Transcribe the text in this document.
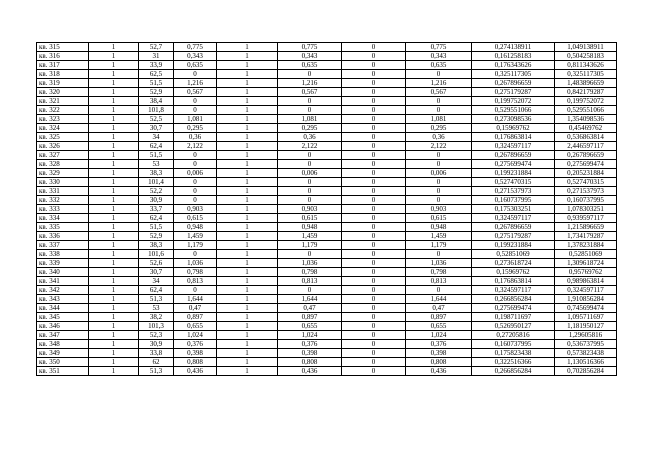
кв. 315	1	52,7	0,775	1	0,775	0	0,775	0,274138911	1,049138911
кв. 316	1	31	0,343	1	0,343	0	0,343	0,161258183	0,504258183
кв. 317	1	33,9	0,635	1	0,635	0	0,635	0,176343626	0,811343626
кв. 318	1	62,5	0	1	0	0	0	0,325117305	0,325117305
кв. 319	1	51,5	1,216	1	1,216	0	1,216	0,267896659	1,483896659
кв. 320	1	52,9	0,567	1	0,567	0	0,567	0,275179287	0,842179287
кв. 321	1	38,4	0	1	0	0	0	0,199752072	0,199752072
кв. 322	1	101,8	0	1	0	0	0	0,529551066	0,529551066
кв. 323	1	52,5	1,081	1	1,081	0	1,081	0,273098536	1,354098536
кв. 324	1	30,7	0,295	1	0,295	0	0,295	0,15969762	0,45469762
кв. 325	1	34	0,36	1	0,36	0	0,36	0,176863814	0,536863814
кв. 326	1	62,4	2,122	1	2,122	0	2,122	0,324597117	2,446597117
кв. 327	1	51,5	0	1	0	0	0	0,267896659	0,267896659
кв. 328	1	53	0	1	0	0	0	0,275699474	0,275699474
кв. 329	1	38,3	0,006	1	0,006	0	0,006	0,199231884	0,205231884
кв. 330	1	101,4	0	1	0	0	0	0,527470315	0,527470315
кв. 331	1	52,2	0	1	0	0	0	0,271537973	0,271537973
кв. 332	1	30,9	0	1	0	0	0	0,160737995	0,160737995
кв. 333	1	33,7	0,903	1	0,903	0	0,903	0,175303251	1,078303251
кв. 334	1	62,4	0,615	1	0,615	0	0,615	0,324597117	0,939597117
кв. 335	1	51,5	0,948	1	0,948	0	0,948	0,267896659	1,215896659
кв. 336	1	52,9	1,459	1	1,459	0	1,459	0,275179287	1,734179287
кв. 337	1	38,3	1,179	1	1,179	0	1,179	0,199231884	1,378231884
кв. 338	1	101,6	0	1	0	0	0	0,52851069	0,52851069
кв. 339	1	52,6	1,036	1	1,036	0	1,036	0,273618724	1,309618724
кв. 340	1	30,7	0,798	1	0,798	0	0,798	0,15969762	0,95769762
кв. 341	1	34	0,813	1	0,813	0	0,813	0,176863814	0,989863814
кв. 342	1	62,4	0	1	0	0	0	0,324597117	0,324597117
кв. 343	1	51,3	1,644	1	1,644	0	1,644	0,266856284	1,910856284
кв. 344	1	53	0,47	1	0,47	0	0,47	0,275699474	0,745699474
кв. 345	1	38,2	0,897	1	0,897	0	0,897	0,198711697	1,095711697
кв. 346	1	101,3	0,655	1	0,655	0	0,655	0,526950127	1,181950127
кв. 347	1	52,3	1,024	1	1,024	0	1,024	0,27205816	1,29605816
кв. 348	1	30,9	0,376	1	0,376	0	0,376	0,160737995	0,536737995
кв. 349	1	33,8	0,398	1	0,398	0	0,398	0,175823438	0,573823438
кв. 350	1	62	0,808	1	0,808	0	0,808	0,322516366	1,130516366
кв. 351	1	51,3	0,436	1	0,436	0	0,436	0,266856284	0,702856284
